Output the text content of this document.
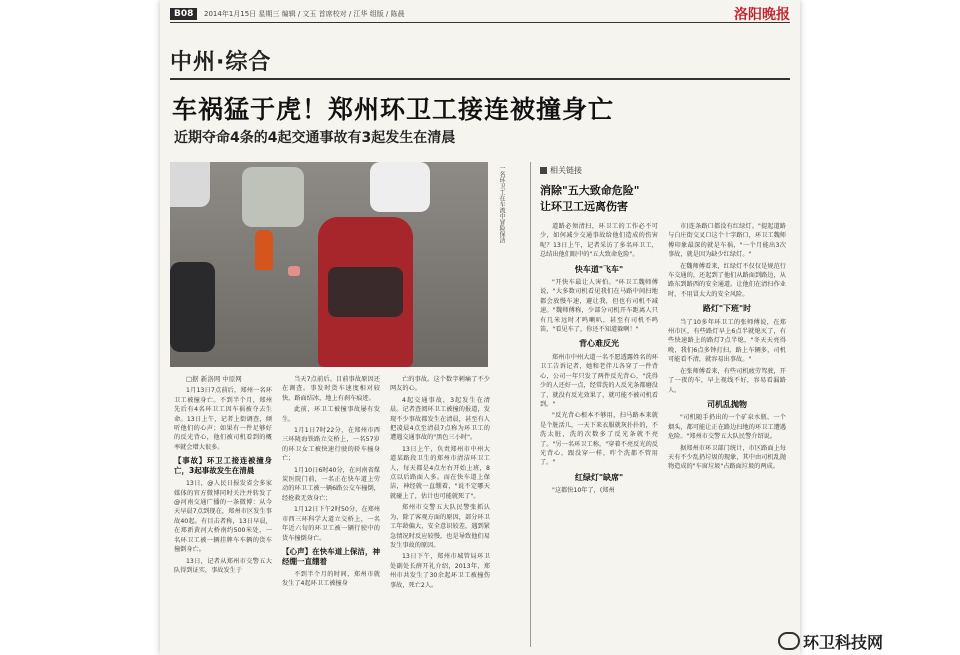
B08	2014年1月15日 星期三 编辑 / 文玉 首席校对 / 江华 组版 / 陈晨	洛阳晚报
中州·综合
车祸猛于虎！郑州环卫工接连被撞身亡
近期夺命4条的4起交通事故有3起发生在清晨
一名环卫工在车流中冒险保洁

□据 新洛网 中原网

1月13日7点前后，郑州一名环卫工被撞身亡。不到半个月，郑州先后有4名环卫工因车祸被夺去生命。13日上午，记者上街调查，倾听他们的心声；如果有一件足够好的反光背心，他们被司机看到的概率就会增大很多。

【事故】环卫工接连被撞身亡，3起事故发生在清晨

13日，@人民日报发省会多家媒体的官方微博同时关注并转发了@河南交通广播的一条微博：从今天早晨7点到现在，郑州市区发生事故40起。有目击者称，13日早晨，在郑新黄河大桥南约500米处，一名环卫工被一辆挂牌车车辆的货车撞倒身亡。

13日，记者从郑州市交警五大队得到证实，事故发生于

当天7点前后。目前事故原因还在调查。事发时货车速度相对较快，路面结冰，地上有刹车痕迹。

此前，环卫工被撞事故屡有发生。

1月1日7时22分，在郑州市西三环陇海铁路立交桥上，一名57岁的环卫女工被快速行驶的轿车撞身亡；

1月10日6时40分，在河南省煤炭医院门前，一名正在快车道上劳动的环卫工被一辆6路公交车撞倒，经抢救无效身亡；

1月12日下午2时50分，在郑州市西三环科学大道立交桥上，一名年近六旬的环卫工被一辆行驶中的货车撞倒身亡。

【心声】在快车道上保洁，神经绷一直绷着

不到半个月的时间，郑州市就发生了4起环卫工被撞身

亡的事故。这个数字刺痛了不少网友的心。

4起交通事故，3起发生在清晨。记者查阅环卫工被撞的报道，发现不少事故都发生在清晨，甚至有人把凌晨4点至清晨7点称为环卫工的遭遇交通事故的"黑色三小时"。

13日上午，负责郑州市中州大道某路段卫生的郑州市清洁环卫工人，每天都是4点左右开始上班，8点以后路面人多。而在快车道上保洁，神经就一直绷着，"说不定哪天就碰上了，估计也可能就死了"。

郑州市交警五大队民警张抓认为，除了客观方面的原因，部分环卫工年龄偏大，安全意识较差，遇到紧急情况时反应较慢，也是导致他们易发生事故的原因。

13日下午，郑州市城管局环卫处副处长薛开礼介绍，2013年，郑州市共发生了30余起环卫工被撞伤事故，死亡2人。

相关链接
消除"五大致命危险"
让环卫工远离伤害

道路必须清扫，环卫工的工作必不可少，如何减少交通事故给他们造成的伤害呢？13日上午，记者采访了多名环卫工，总结出他们眼中的"五大致命危险"。

快车道"飞车"

"开快车最让人害怕。"环卫工魏师傅说，"大多数司机看见我们在马路中间扫地都会放慢车速，避让我，但也有司机不减速。"魏师傅称，少部分司机开车距离人只有几米远时才鸣喇叭，甚至有司机不鸣笛，"看见车了，你还不知道躲啊！"

背心难反光

郑州市中州大道一名不愿透露姓名的环卫工告诉记者，她和老伴儿各穿了一件背心，公司一年只发了两件反光背心，"洗得少的人还好一点，经常洗的人反光条都磨没了，就没有反光效果了，就可能不被司机看到。"

"反光背心根本不够用，扫马路本来就是个脏活儿，一天下来衣服就灰扑扑的，不洗太脏，洗的次数多了反光条就不亮了。"另一名环卫工称，"穿着不亮反光的反光背心，跟没穿一样，咋个洗都不管用了。"

红绿灯"缺席"

"这都快10年了，(郑州

市)连条路口都没有红绿灯。"提起道路与白庄街交叉口这个十字路口，环卫工魏师傅印象最深的就是车祸，"一个月能出3次事故，就是因为缺少红绿灯。"

在魏师傅看来，红绿灯不仅仅是规范行车交通的，还起到了他们从路面到路边，从路东到路西的安全通道。让他们在清扫作业时，不用冒太大的安全风险。

路灯"下班"时

当了10多年环卫工的张师傅说，在郑州市区，有些路灯早上6点半就熄灭了，有些快速路上的路灯7点半熄，"冬天天亮得晚，我们6点多钟打扫，路上车辆多，司机可能看不清，就容易出事故。"

在张师傅看来，有些司机疲劳驾驶，开了一夜的车，早上视线不好，容易看漏路人。

司机乱抛物

"司机随手扔出的一个矿泉水瓶、一个烟头，都可能让正在路边扫地的环卫工遭遇危险。"郑州市交警五大队民警介绍说。

据郑州市环卫部门统计，市区路面上每天有不少乱扔垃圾的现象，其中由司机乱抛物造成的"车窗垃圾"占路面垃圾的两成。

环卫科技网
